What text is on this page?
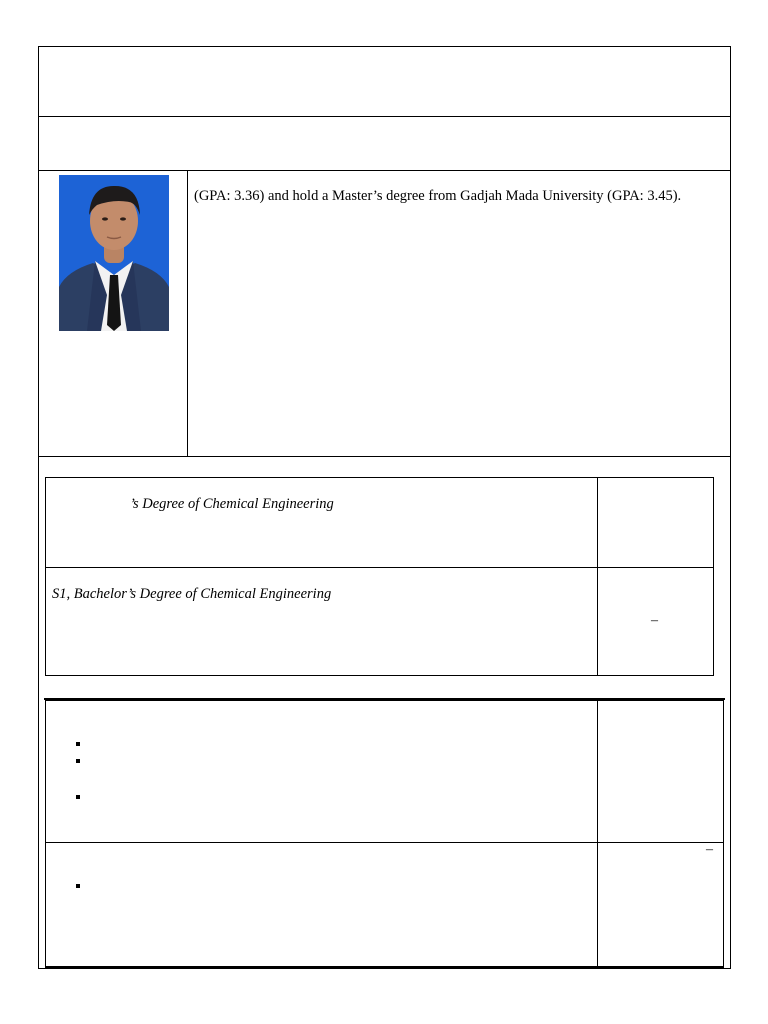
(GPA: 3.36) and hold a Master’s degree from Gadjah Mada University (GPA: 3.45).
’s Degree of Chemical Engineering
S1, Bachelor’s Degree of Chemical Engineering
–
–
